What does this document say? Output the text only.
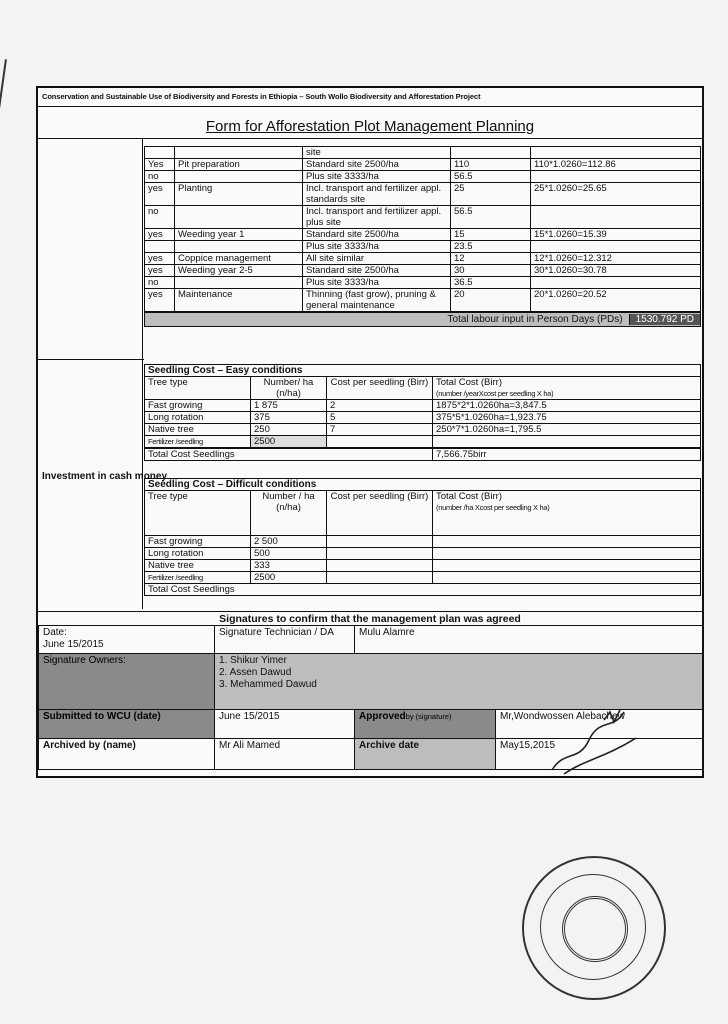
Conservation and Sustainable Use of Biodiversity and Forests in Ethiopia – South Wollo Biodiversity and Afforestation Project
Form for Afforestation Plot Management Planning
Investment in cash money
		site		
Yes	Pit preparation	Standard site 2500/ha	110	110*1.0260=112.86
no		Plus site 3333/ha	56.5	
yes	Planting	Incl. transport and fertilizer appl. standards site	25	25*1.0260=25.65
no		Incl. transport and fertilizer appl. plus site	56.5	
yes	Weeding year 1	Standard site 2500/ha	15	15*1.0260=15.39
		Plus site 3333/ha	23.5	
yes	Coppice management	All site similar	12	12*1.0260=12.312
yes	Weeding year 2-5	Standard site 2500/ha	30	30*1.0260=30.78
no		Plus site 3333/ha	36.5	
yes	Maintenance	Thinning (fast grow), pruning & general maintenance	20	20*1.0260=20.52

Total labour input in Person Days (PDs) 1530.792 PD				
Seedling Cost – Easy conditions			
Tree type	Number/ ha (n/ha)	Cost per seedling (Birr)	Total Cost (Birr)
(number /yearXcost per seedling X ha)

Fast growing	1 875	2	1875*2*1.0260ha=3,847.5
Long rotation	375	5	375*5*1.0260ha=1,923.75
Native tree	250	7	250*7*1.0260ha=1,795.5
Fertilizer /seedling	2500		
Total Cost Seedlings			7,566.75birr
Seedling Cost – Difficult conditions			
Tree type	Number / ha (n/ha)	Cost per seedling (Birr)	Total Cost (Birr)
(number /ha Xcost per seedling X ha)

Fast growing	2 500		
Long rotation	500		
Native tree	333		
Fertilizer /seedling	2500		
Total Cost Seedlings			
Signatures to confirm that the management plan was agreed
Date:
June 15/2015	Signature Technician / DA	Mulu Alamre
Signature Owners:	1. Shikur Yimer
2. Assen Dawud
3. Mehammed Dawud	

Submitted to WCU (date)	June 15/2015	Approvedby (signature) Mr,Wondwossen Alebachew

Archived by (name)	Mr Ali Mamed	Archive date May15,2015
